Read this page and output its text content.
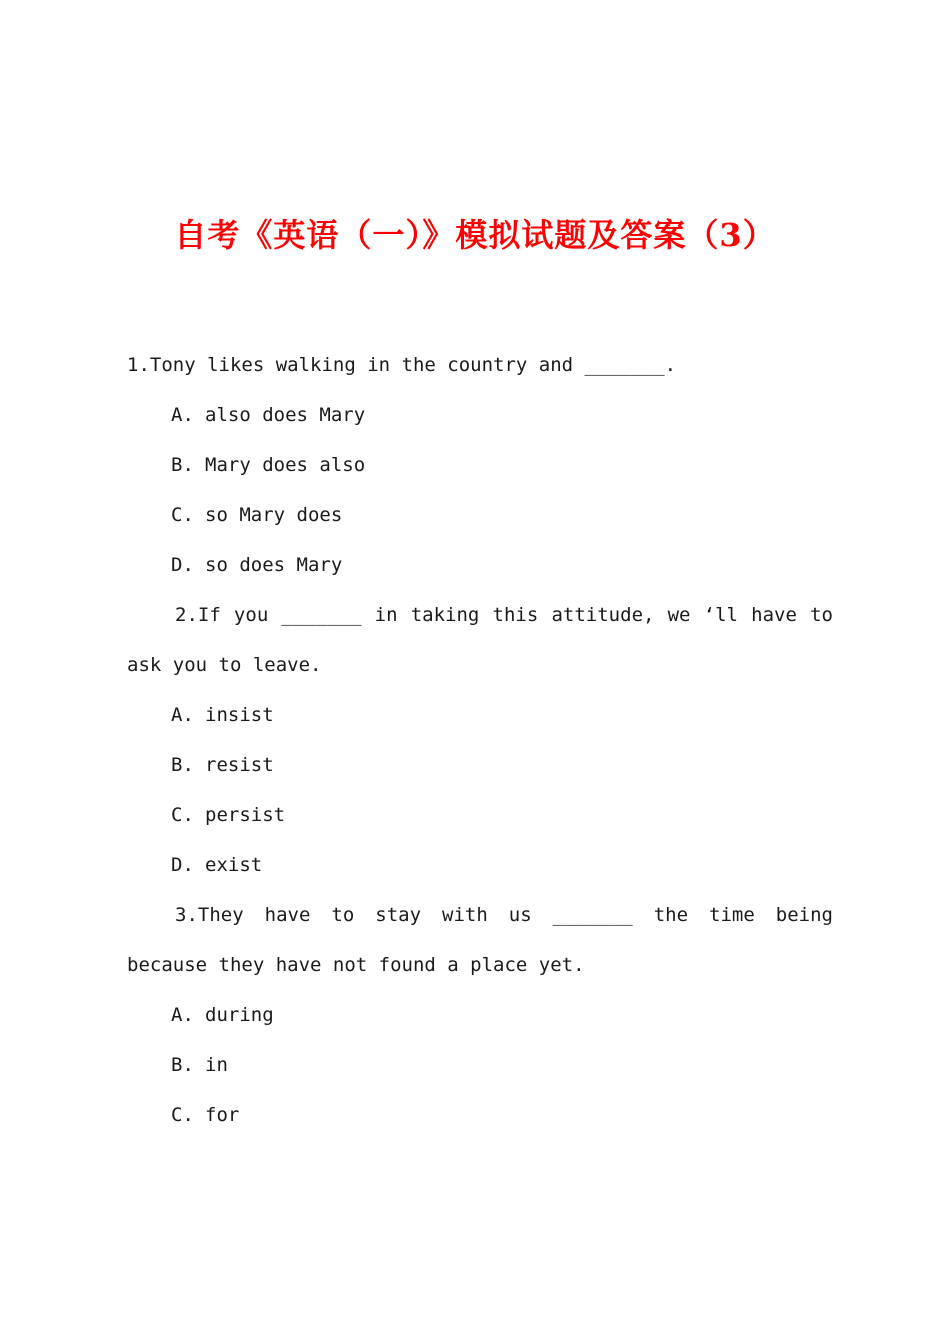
自考《英语（一）》模拟试题及答案（3）

1.Tony likes walking in the country and _______.

A. also does Mary

B. Mary does also

C. so Mary does

D. so does Mary

2.If you _______ in taking this attitude, we ‘ll have to ask you to leave.

A. insist

B. resist

C. persist

D. exist

3.They have to stay with us _______ the time being because they have not found a place yet.

A. during

B. in

C. for
